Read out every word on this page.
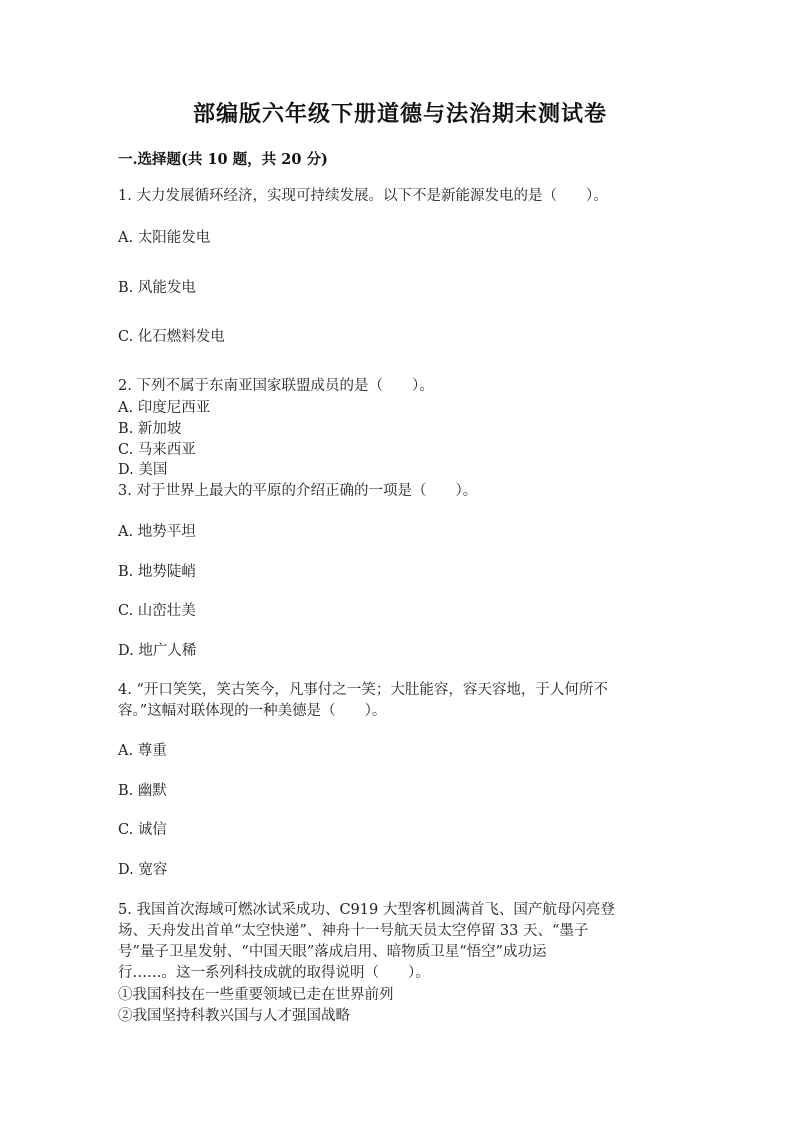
部编版六年级下册道德与法治期末测试卷
一.选择题(共 10 题，共 20 分)
1. 大力发展循环经济，实现可持续发展。以下不是新能源发电的是（　　）。
A. 太阳能发电
B. 风能发电
C. 化石燃料发电
2. 下列不属于东南亚国家联盟成员的是（　　）。
A. 印度尼西亚
B. 新加坡
C. 马来西亚
D. 美国
3. 对于世界上最大的平原的介绍正确的一项是（　　）。
A. 地势平坦
B. 地势陡峭
C. 山峦壮美
D. 地广人稀
4. “开口笑笑，笑古笑今，凡事付之一笑；大肚能容，容天容地，于人何所不
容。”这幅对联体现的一种美德是（　　）。
A. 尊重
B. 幽默
C. 诚信
D. 宽容
5. 我国首次海域可燃冰试采成功、C919 大型客机圆满首飞、国产航母闪亮登
场、天舟发出首单“太空快递”、神舟十一号航天员太空停留 33 天、“墨子
号”量子卫星发射、“中国天眼”落成启用、暗物质卫星“悟空”成功运
行……。这一系列科技成就的取得说明（　　）。
①我国科技在一些重要领域已走在世界前列
②我国坚持科教兴国与人才强国战略
